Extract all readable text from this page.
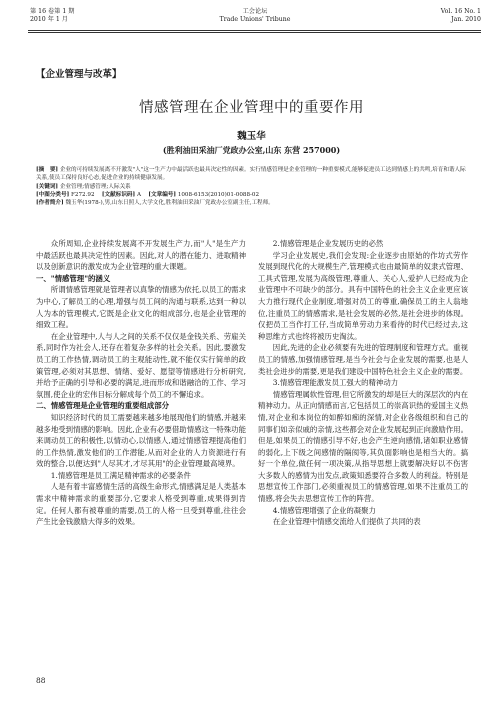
第 16 卷第 1 期
2010 年 1 月
工会论坛
Trade Unions' Tribune
Vol. 16 No. 1
Jan. 2010
【企业管理与改革】
情感管理在企业管理中的重要作用
魏玉华
(胜利油田采油厂党政办公室,山东 东营 257000)
[摘　要] 企业的可持续发展离不开激发"人"这一生产力中最活跃也最具决定性的因素。实行情感管理是企业管理的一种重要模式,能够促进员工达到情感上的共鸣,培育和谐人际关系,使员工保持良好心态,促进企业的持续健康发展。
[关键词] 企业管理;情感管理;人际关系
[中图分类号] F272.92　 [文献标识码] A　 [文章编号] 1008-6153(2010)01-0088-02
[作者简介] 魏玉华(1978-),男,山东日照人,大学文化,胜利油田采油厂党政办公室副主任,工程师。

众所周知,企业持续发展离不开发展生产力,而"人"是生产力中最活跃也最具决定性的因素。因此,对人的潜在能力、进取精神以及创新意识的激发成为企业管理的重大课题。

一、"情感管理"的涵义

所谓情感管理就是管理者以真挚的情感为依托,以员工的需求为中心,了解员工的心理,增强与员工间的沟通与联系,达到一种以人为本的管理模式,它既是企业文化的组成部分,也是企业管理的细致工程。

在企业管理中,人与人之间的关系不仅仅是金钱关系、劳雇关系,同时作为社会人,还存在着复杂多样的社会关系。因此,要激发员工的工作热情,调动员工的主观能动性,就不能仅实行简单的政策管理,必须对其思想、情绪、爱好、愿望等情感进行分析研究,并给予正确的引导和必要的满足,进而形成和谐融洽的工作、学习氛围,使企业的宏伟目标分解成每个员工的不懈追求。

二、情感管理是企业管理的重要组成部分

知识经济时代的员工需要越来越多地展现他们的情感,并越来越多地受到情感的影响。因此,企业有必要借助情感这一特殊功能来调动员工的积极性,以情动心,以情感人,通过情感管理提高他们的工作热情,激发他们的工作潜能,从而对企业的人力资源进行有效的整合,以便达到"人尽其才,才尽其用"的企业管理最高境界。

1.情感管理是员工满足精神需求的必要条件

人是有着丰富感情生活的高级生命形式,情感满足是人类基本需求中精神需求的重要部分,它要求人格受到尊重,成果得到肯定。任何人都有被尊重的需要,员工的人格一旦受到尊重,往往会产生比金钱激励大得多的效果。

2.情感管理是企业发展历史的必然

学习企业发展史,我们会发现:企业逐步由原始的作坊式劳作发展到现代化的大规模生产,管理模式也由最简单的奴隶式管理、工具式管理,发展为高级管理,尊重人、关心人,爱护人已经成为企业管理中不可缺少的部分。具有中国特色的社会主义企业更应该大力推行现代企业制度,增强对员工的尊重,确保员工的主人翁地位,注重员工的情感需求,是社会发展的必然,是社会进步的体现。仅把员工当作打工仔,当成简单劳动力来看待的时代已经过去,这种思维方式也终将被历史淘汰。

因此,先进的企业必须要有先进的管理制度和管理方式。重视员工的情感,加强情感管理,是当今社会与企业发展的需要,也是人类社会进步的需要,更是我们建设中国特色社会主义企业的需要。

3.情感管理能激发员工强大的精神动力

情感管理属软性管理,但它所激发的却是巨大的深层次的内在精神动力。从正向情感而言,它包括员工的崇高识热的爱国主义热情,对企业和本岗位的如醉如痴的深情,对企业各级组织和自己的同事们如亲似戚的亲情,这些都会对企业发展起到正向激励作用。但是,如果员工的情感引导不好,也会产生逆向感情,诸如职业感情的弱化,上下级之间感情的隔阂等,其负面影响也是相当大的。搞好一个单位,做任何一项决策,从指导思想上就要解决好以不伤害大多数人的感情为出发点,政策知悉要符合多数人的利益。特别是思想宣传工作部门,必须重视员工的情感管理,如果不注重员工的情感,将会失去思想宣传工作的阵营。

4.情感管理增强了企业的凝聚力

在企业管理中情感交流给人们提供了共同的表

88
